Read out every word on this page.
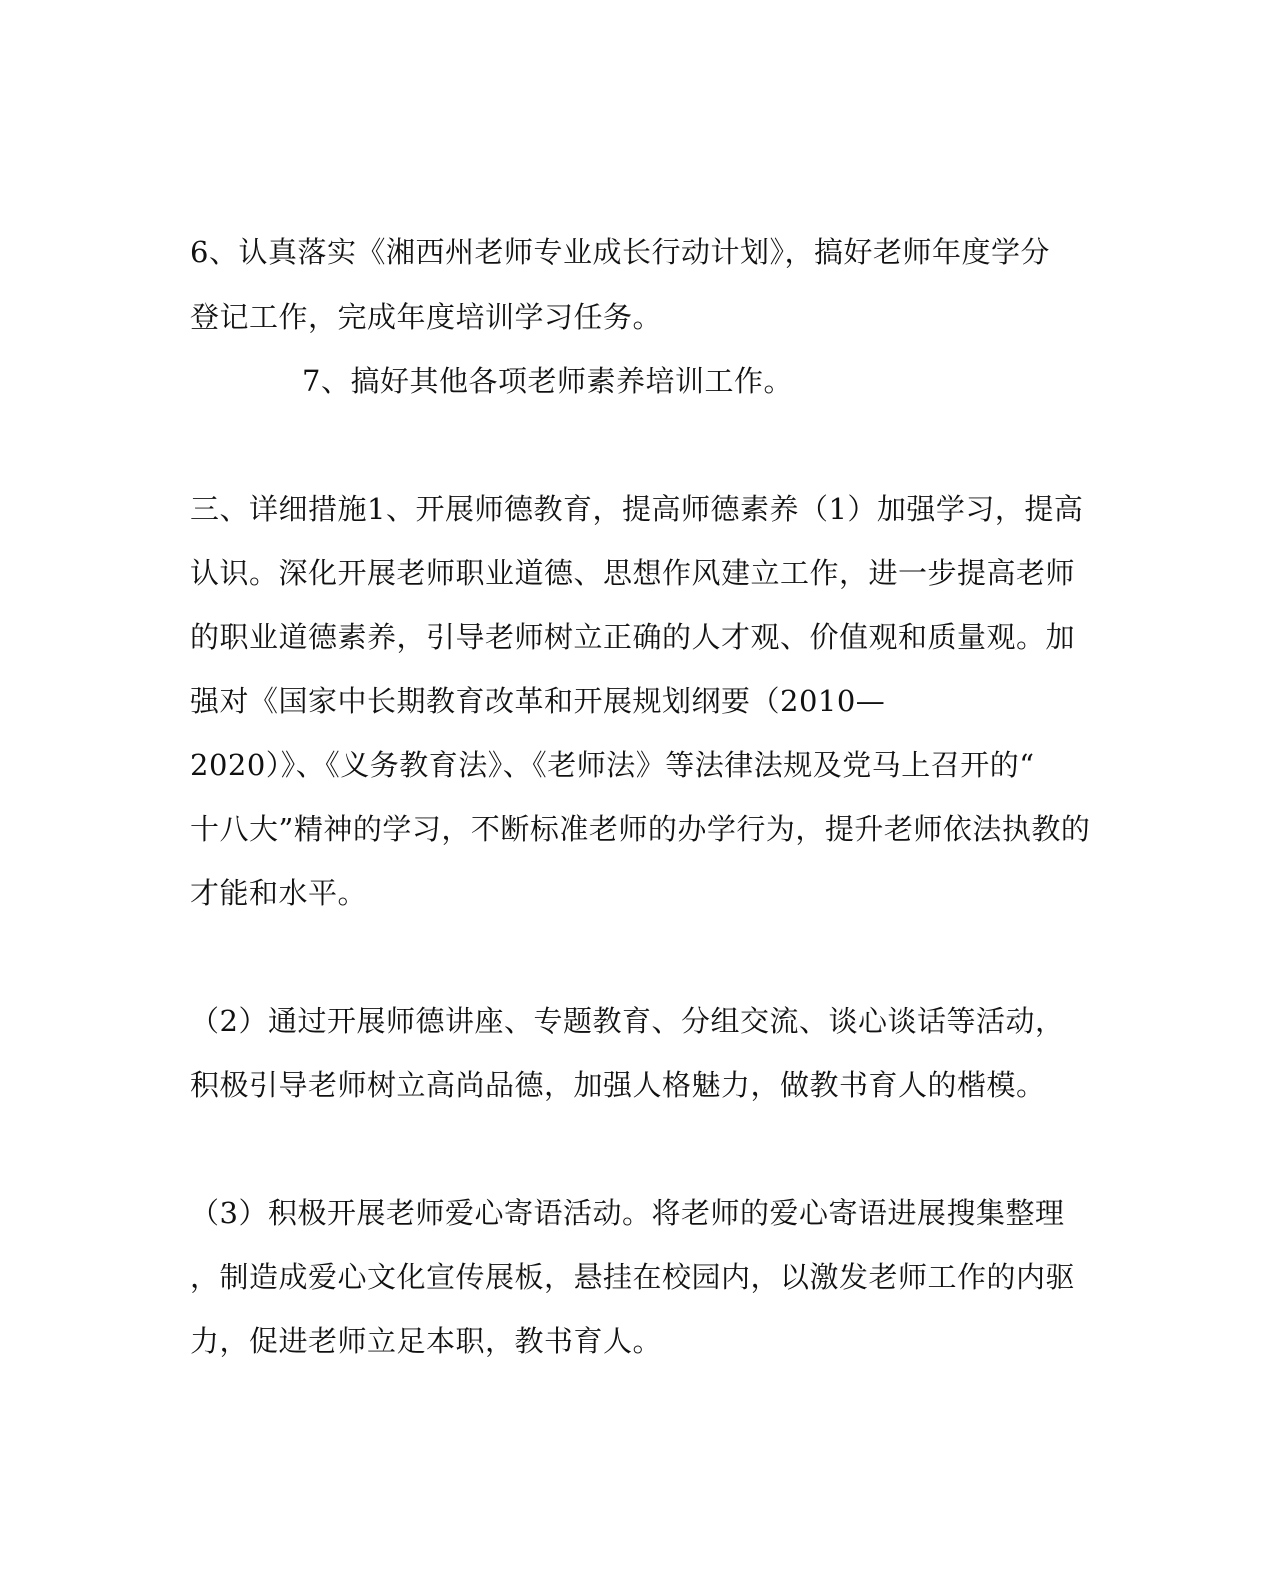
6、认真落实《湘西州老师专业成长行动计划》，搞好老师年度学分
登记工作，完成年度培训学习任务。
7、搞好其他各项老师素养培训工作。
三、详细措施1、开展师德教育，提高师德素养（1）加强学习，提高
认识。深化开展老师职业道德、思想作风建立工作，进一步提高老师
的职业道德素养，引导老师树立正确的人才观、价值观和质量观。加
强对《国家中长期教育改革和开展规划纲要（2010—
2020）》、《义务教育法》、《老师法》等法律法规及党马上召开的“
十八大”精神的学习，不断标准老师的办学行为，提升老师依法执教的
才能和水平。
（2）通过开展师德讲座、专题教育、分组交流、谈心谈话等活动，
积极引导老师树立高尚品德，加强人格魅力，做教书育人的楷模。
（3）积极开展老师爱心寄语活动。将老师的爱心寄语进展搜集整理
，制造成爱心文化宣传展板，悬挂在校园内，以激发老师工作的内驱
力，促进老师立足本职，教书育人。
